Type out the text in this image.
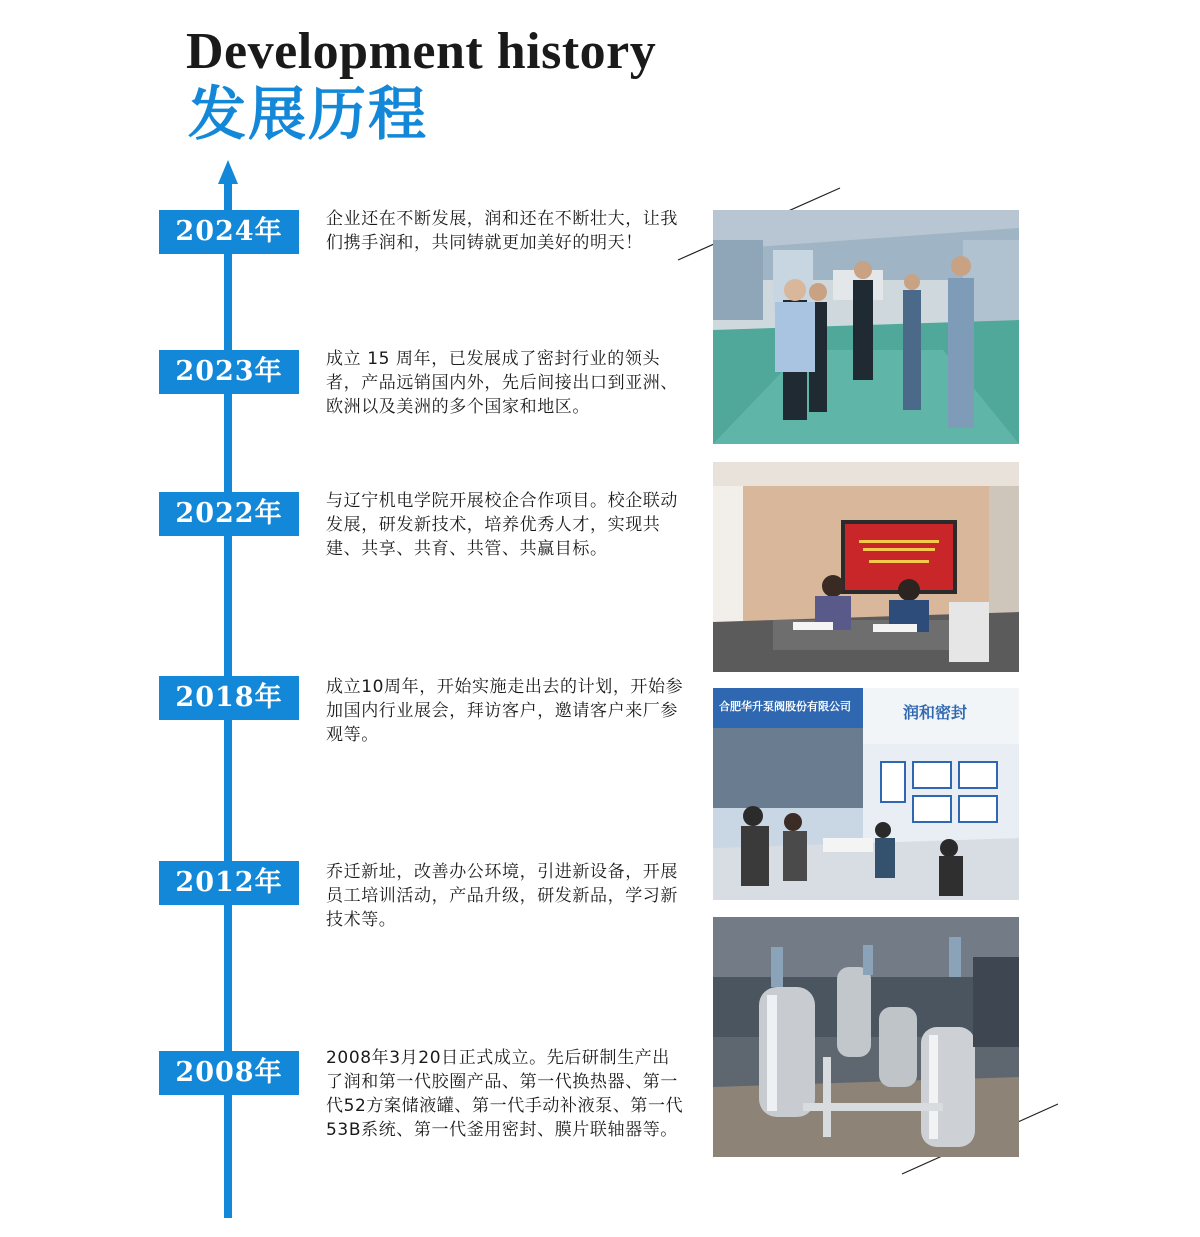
Development history
发展历程
2024年
2023年
2022年
2018年
2012年
2008年

企业还在不断发展，润和还在不断壮大，让我们携手润和，共同铸就更加美好的明天！

成立 15 周年，已发展成了密封行业的领头者，产品远销国内外，先后间接出口到亚洲、欧洲以及美洲的多个国家和地区。

与辽宁机电学院开展校企合作项目。校企联动发展，研发新技术，培养优秀人才，实现共建、共享、共育、共管、共赢目标。

成立10周年，开始实施走出去的计划，开始参加国内行业展会，拜访客户，邀请客户来厂参观等。

乔迁新址，改善办公环境，引进新设备，开展员工培训活动，产品升级，研发新品，学习新技术等。

2008年3月20日正式成立。先后研制生产出了润和第一代胶圈产品、第一代换热器、第一代52方案储液罐、第一代手动补液泵、第一代53B系统、第一代釜用密封、膜片联轴器等。

合肥华升泵阀股份有限公司	润和密封
